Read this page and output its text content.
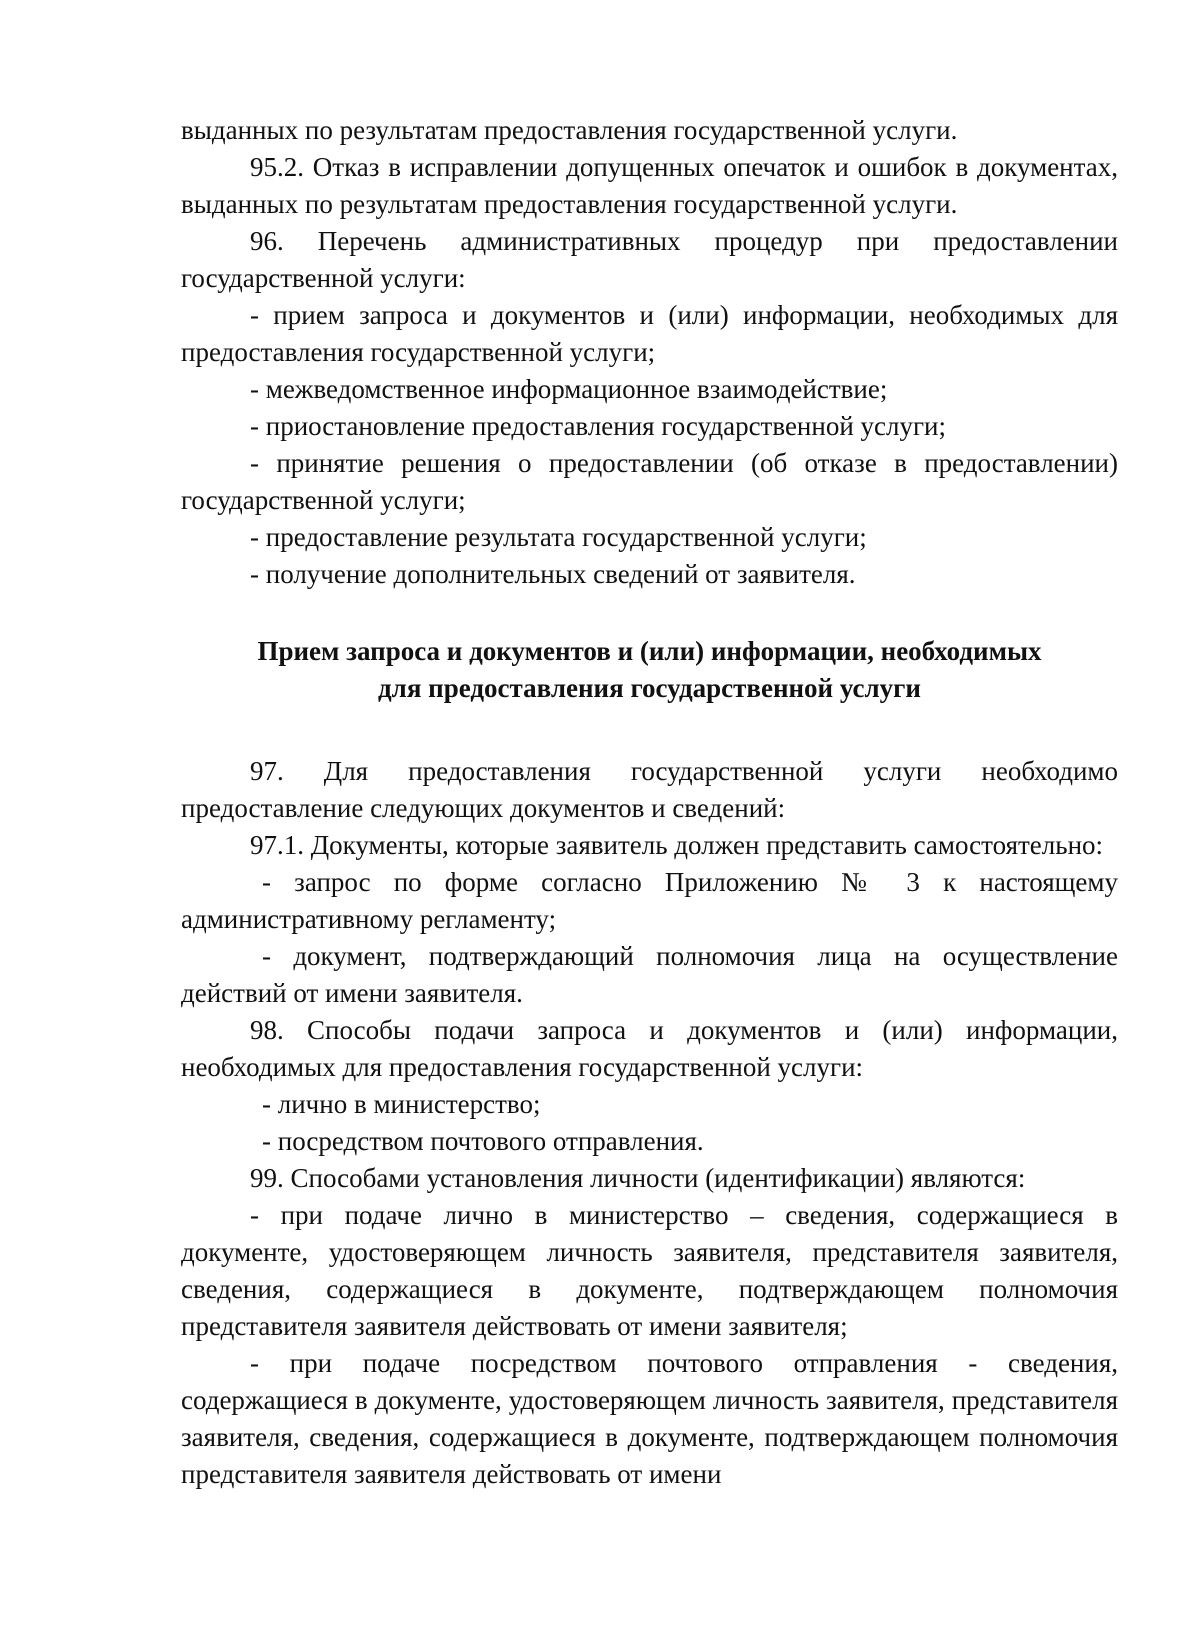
выданных по результатам предоставления государственной услуги.

95.2. Отказ в исправлении допущенных опечаток и ошибок в документах, выданных по результатам предоставления государственной услуги.

96. Перечень административных процедур при предоставлении государственной услуги:

- прием запроса и документов и (или) информации, необходимых для предоставления государственной услуги;

- межведомственное информационное взаимодействие;

- приостановление предоставления государственной услуги;

- принятие решения о предоставлении (об отказе в предоставлении) государственной услуги;

- предоставление результата государственной услуги;

- получение дополнительных сведений от заявителя.

Прием запроса и документов и (или) информации, необходимых
для предоставления государственной услуги

97. Для предоставления государственной услуги необходимо предоставление следующих документов и сведений:

97.1. Документы, которые заявитель должен представить самостоятельно:

- запрос по форме согласно Приложению № 3 к настоящему административному регламенту;

- документ, подтверждающий полномочия лица на осуществление действий от имени заявителя.

98. Способы подачи запроса и документов и (или) информации, необходимых для предоставления государственной услуги:

- лично в министерство;

- посредством почтового отправления.

99. Способами установления личности (идентификации) являются:

- при подаче лично в министерство – сведения, содержащиеся в документе, удостоверяющем личность заявителя, представителя заявителя, сведения, содержащиеся в документе, подтверждающем полномочия представителя заявителя действовать от имени заявителя;

- при подаче посредством почтового отправления - сведения, содержащиеся в документе, удостоверяющем личность заявителя, представителя заявителя, сведения, содержащиеся в документе, подтверждающем полномочия представителя заявителя действовать от имени
